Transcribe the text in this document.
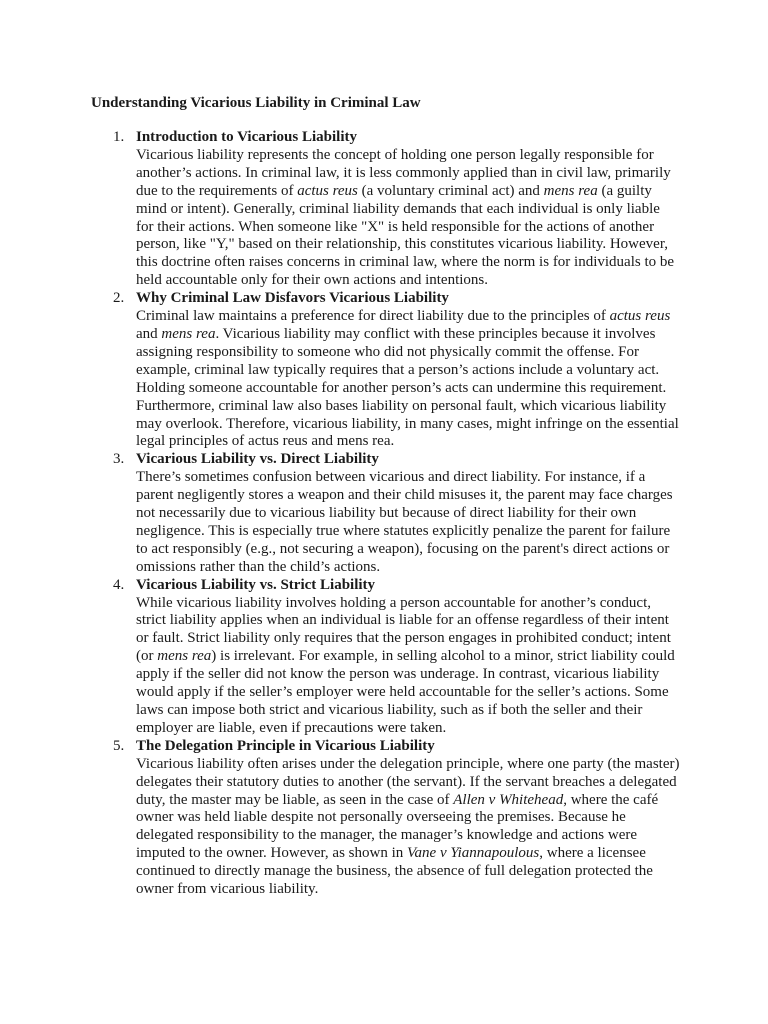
Understanding Vicarious Liability in Criminal Law
1. Introduction to Vicarious Liability
Vicarious liability represents the concept of holding one person legally responsible for another’s actions. In criminal law, it is less commonly applied than in civil law, primarily due to the requirements of actus reus (a voluntary criminal act) and mens rea (a guilty mind or intent). Generally, criminal liability demands that each individual is only liable for their actions. When someone like "X" is held responsible for the actions of another person, like "Y," based on their relationship, this constitutes vicarious liability. However, this doctrine often raises concerns in criminal law, where the norm is for individuals to be held accountable only for their own actions and intentions.
2. Why Criminal Law Disfavors Vicarious Liability
Criminal law maintains a preference for direct liability due to the principles of actus reus and mens rea. Vicarious liability may conflict with these principles because it involves assigning responsibility to someone who did not physically commit the offense. For example, criminal law typically requires that a person’s actions include a voluntary act. Holding someone accountable for another person’s acts can undermine this requirement. Furthermore, criminal law also bases liability on personal fault, which vicarious liability may overlook. Therefore, vicarious liability, in many cases, might infringe on the essential legal principles of actus reus and mens rea.
3. Vicarious Liability vs. Direct Liability
There’s sometimes confusion between vicarious and direct liability. For instance, if a parent negligently stores a weapon and their child misuses it, the parent may face charges not necessarily due to vicarious liability but because of direct liability for their own negligence. This is especially true where statutes explicitly penalize the parent for failure to act responsibly (e.g., not securing a weapon), focusing on the parent's direct actions or omissions rather than the child’s actions.
4. Vicarious Liability vs. Strict Liability
While vicarious liability involves holding a person accountable for another’s conduct, strict liability applies when an individual is liable for an offense regardless of their intent or fault. Strict liability only requires that the person engages in prohibited conduct; intent (or mens rea) is irrelevant. For example, in selling alcohol to a minor, strict liability could apply if the seller did not know the person was underage. In contrast, vicarious liability would apply if the seller’s employer were held accountable for the seller’s actions. Some laws can impose both strict and vicarious liability, such as if both the seller and their employer are liable, even if precautions were taken.
5. The Delegation Principle in Vicarious Liability
Vicarious liability often arises under the delegation principle, where one party (the master) delegates their statutory duties to another (the servant). If the servant breaches a delegated duty, the master may be liable, as seen in the case of Allen v Whitehead, where the café owner was held liable despite not personally overseeing the premises. Because he delegated responsibility to the manager, the manager’s knowledge and actions were imputed to the owner. However, as shown in Vane v Yiannapoulous, where a licensee continued to directly manage the business, the absence of full delegation protected the owner from vicarious liability.
